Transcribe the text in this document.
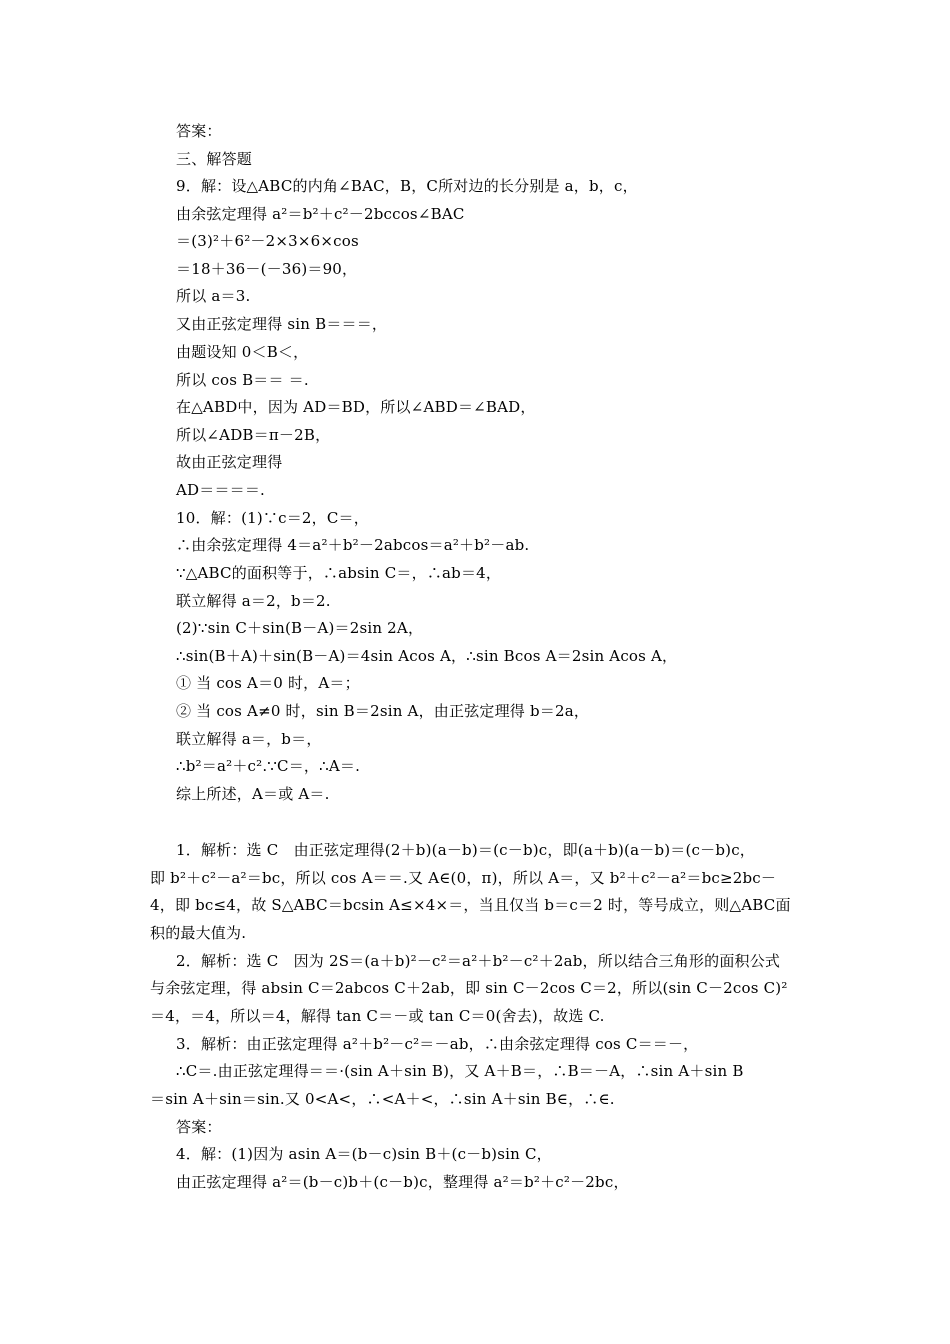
答案：
三、解答题
9．解：设△ABC的内角∠BAC，B，C所对边的长分别是 a，b，c，
由余弦定理得 a²＝b²＋c²－2bccos∠BAC
＝(3)²＋6²－2×3×6×cos
＝18＋36－(－36)＝90，
所以 a＝3.
又由正弦定理得 sin B＝＝＝，
由题设知 0＜B＜，
所以 cos B＝＝ ＝.
在△ABD中，因为 AD＝BD，所以∠ABD＝∠BAD，
所以∠ADB＝π－2B，
故由正弦定理得
AD＝＝＝＝.
10．解：(1)∵c＝2，C＝，
∴由余弦定理得 4＝a²＋b²－2abcos＝a²＋b²－ab.
∵△ABC的面积等于，∴absin C＝，∴ab＝4，
联立解得 a＝2，b＝2.
(2)∵sin C＋sin(B－A)＝2sin 2A，
∴sin(B＋A)＋sin(B－A)＝4sin Acos A，∴sin Bcos A＝2sin Acos A，
① 当 cos A＝0 时，A＝；
② 当 cos A≠0 时，sin B＝2sin A，由正弦定理得 b＝2a，
联立解得 a＝，b＝，
∴b²＝a²＋c².∵C＝，∴A＝.
综上所述，A＝或 A＝.
1．解析：选 C　由正弦定理得(2＋b)(a－b)＝(c－b)c，即(a＋b)(a－b)＝(c－b)c，
即 b²＋c²－a²＝bc，所以 cos A＝＝.又 A∈(0，π)，所以 A＝，又 b²＋c²－a²＝bc≥2bc－
4，即 bc≤4，故 S△ABC＝bcsin A≤×4×＝，当且仅当 b＝c＝2 时，等号成立，则△ABC面
积的最大值为.
2．解析：选 C　因为 2S＝(a＋b)²－c²＝a²＋b²－c²＋2ab，所以结合三角形的面积公式
与余弦定理，得 absin C＝2abcos C＋2ab，即 sin C－2cos C＝2，所以(sin C－2cos C)²
＝4，＝4，所以＝4，解得 tan C＝－或 tan C＝0(舍去)，故选 C.
3．解析：由正弦定理得 a²＋b²－c²＝－ab，∴由余弦定理得 cos C＝＝－，
∴C＝.由正弦定理得＝＝·(sin A＋sin B)，又 A＋B＝，∴B＝－A，∴sin A＋sin B
＝sin A＋sin＝sin.又 0<A<，∴<A＋<，∴sin A＋sin B∈，∴∈.
答案：
4．解：(1)因为 asin A＝(b－c)sin B＋(c－b)sin C，
由正弦定理得 a²＝(b－c)b＋(c－b)c，整理得 a²＝b²＋c²－2bc，
